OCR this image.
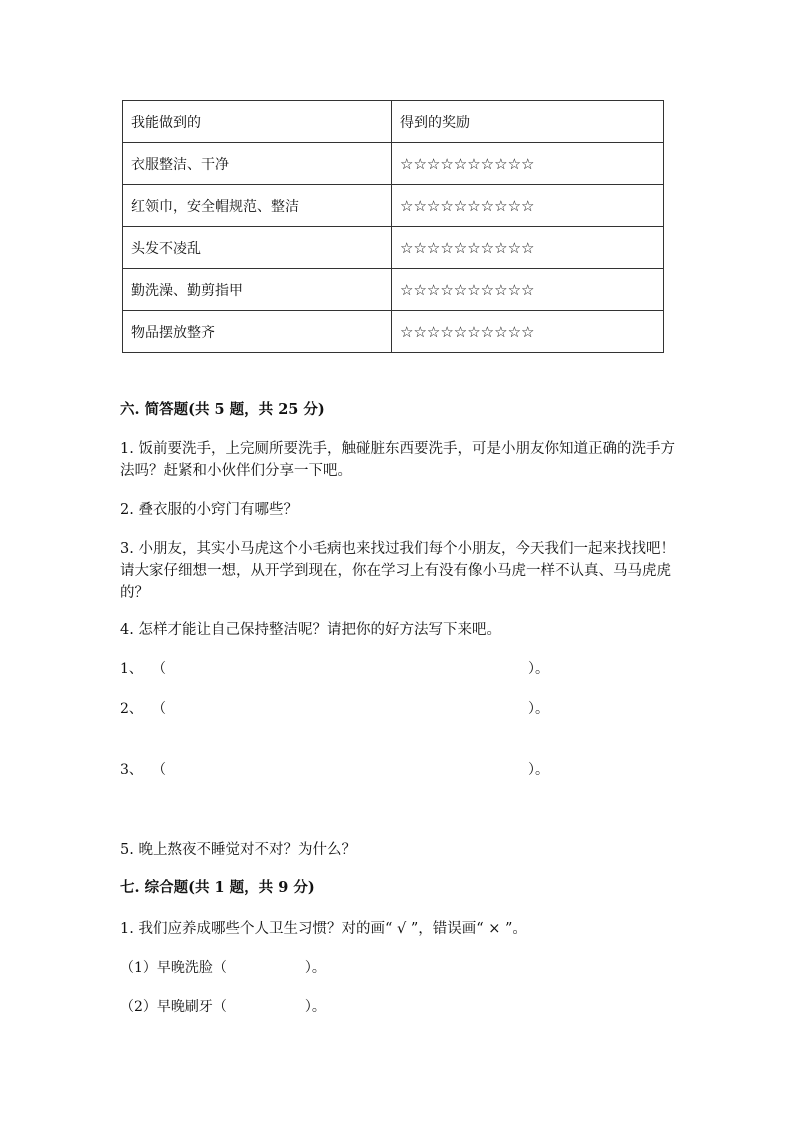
我能做到的	得到的奖励
衣服整洁、干净	☆☆☆☆☆☆☆☆☆☆
红领巾，安全帽规范、整洁	☆☆☆☆☆☆☆☆☆☆
头发不凌乱	☆☆☆☆☆☆☆☆☆☆
勤洗澡、勤剪指甲	☆☆☆☆☆☆☆☆☆☆
物品摆放整齐	☆☆☆☆☆☆☆☆☆☆
六. 简答题(共 5 题，共 25 分)
1. 饭前要洗手，上完厕所要洗手，触碰脏东西要洗手，可是小朋友你知道正确的洗手方法吗？赶紧和小伙伴们分享一下吧。
2. 叠衣服的小窍门有哪些？
3. 小朋友，其实小马虎这个小毛病也来找过我们每个小朋友，今天我们一起来找找吧！请大家仔细想一想，从开学到现在，你在学习上有没有像小马虎一样不认真、马马虎虎的？
4. 怎样才能让自己保持整洁呢？请把你的好方法写下来吧。
1、 （	）。
2、 （	）。
3、 （	）。
5. 晚上熬夜不睡觉对不对？为什么？
七. 综合题(共 1 题，共 9 分)
1. 我们应养成哪些个人卫生习惯？对的画“ √ ”，错误画“ × ”。
（1）早晚洗脸（	）。
（2）早晚刷牙（	）。
